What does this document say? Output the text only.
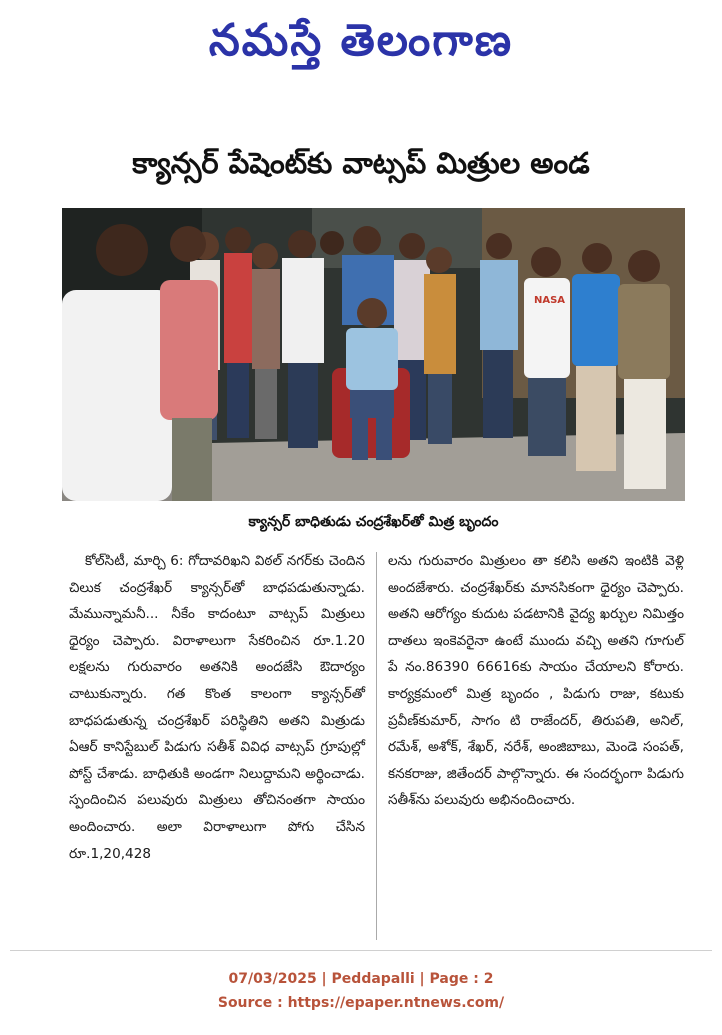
నమస్తే తెలంగాణ
క్యాన్సర్ పేషెంట్‌కు వాట్సప్ మిత్రుల అండ
NASA
క్యాన్సర్ బాధితుడు చంద్రశేఖర్‌తో మిత్ర బృందం

కోల్‌సిటీ, మార్చి 6: గోదావరిఖని విఠల్ నగర్‌కు చెందిన చిలుక చంద్రశేఖర్ క్యాన్సర్‌తో బాధపడుతున్నాడు. మేమున్నామనీ... నీకేం కాదంటూ వాట్సప్ మిత్రులు ధైర్యం చెప్పారు. విరాళాలుగా సేకరించిన రూ.1.20 లక్షలను గురువారం అతనికి అందజేసి ఔదార్యం చాటుకున్నారు. గత కొంత కాలంగా క్యాన్సర్‌తో బాధపడుతున్న చంద్రశేఖర్ పరిస్థితిని అతని మిత్రుడు ఏఆర్ కానిస్టేబుల్ పిడుగు సతీశ్ వివిధ వాట్సప్ గ్రూపుల్లో పోస్ట్ చేశాడు. బాధితుకి అండగా నిలుద్దామని అర్థించాడు. స్పందించిన పలువురు మిత్రులు తోచినంతగా సాయం అందించారు. అలా విరాళాలుగా పోగు చేసిన రూ.1,20,428

లను గురువారం మిత్రులం తా కలిసి అతని ఇంటికి వెళ్లి అందజేశారు. చంద్రశేఖర్‌కు మానసికంగా ధైర్యం చెప్పారు. అతని ఆరోగ్యం కుదుట పడటానికి వైద్య ఖర్చుల నిమిత్తం దాతలు ఇంకెవరైనా ఉంటే ముందు వచ్చి అతని గూగుల్ పే నం.86390 66616కు సాయం చేయాలని కోరారు. కార్యక్రమంలో మిత్ర బృందం , పిడుగు రాజు, కటుకు ప్రవీణ్‌కుమార్, సాగం టి రాజేందర్, తిరుపతి, అనిల్, రమేశ్, అశోక్, శేఖర్, నరేశ్, అంజిబాబు, మెండె సంపత్, కనకరాజు, జితేందర్ పాల్గొన్నారు. ఈ సందర్భంగా పిడుగు సతీశ్‌ను పలువురు అభినందించారు.

07/03/2025 | Peddapalli | Page : 2
Source : https://epaper.ntnews.com/
